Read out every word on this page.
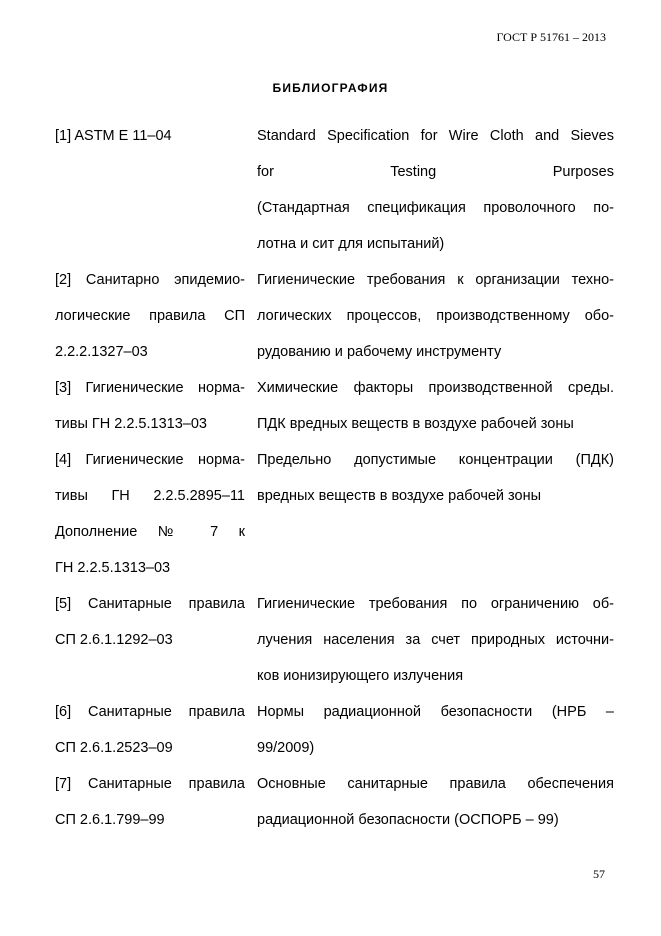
ГОСТ Р 51761 – 2013
БИБЛИОГРАФИЯ
[1] ASTM E 11–04	Standard Specification for Wire Cloth and Sieves
for Testing Purposes
(Стандартная спецификация проволочного по-
лотна и сит для испытаний)
[2] Санитарно эпидемио-
логические правила СП
2.2.2.1327–03
Гигиенические требования к организации техно-
логических процессов, производственному обо-
рудованию и рабочему инструменту
[3] Гигиенические норма-
тивы ГН 2.2.5.1313–03
Химические факторы производственной среды.
ПДК вредных веществ в воздухе рабочей зоны
[4] Гигиенические норма-
тивы ГН 2.2.5.2895–11
Дополнение № 7 к
ГН 2.2.5.1313–03
Предельно допустимые концентрации (ПДК)
вредных веществ в воздухе рабочей зоны
[5] Санитарные правила
СП 2.6.1.1292–03
Гигиенические требования по ограничению об-
лучения населения за счет природных источни-
ков ионизирующего излучения
[6] Санитарные правила
СП 2.6.1.2523–09
Нормы радиационной безопасности (НРБ –
99/2009)
[7] Санитарные правила
СП 2.6.1.799–99
Основные санитарные правила обеспечения
радиационной безопасности (ОСПОРБ – 99)
57
